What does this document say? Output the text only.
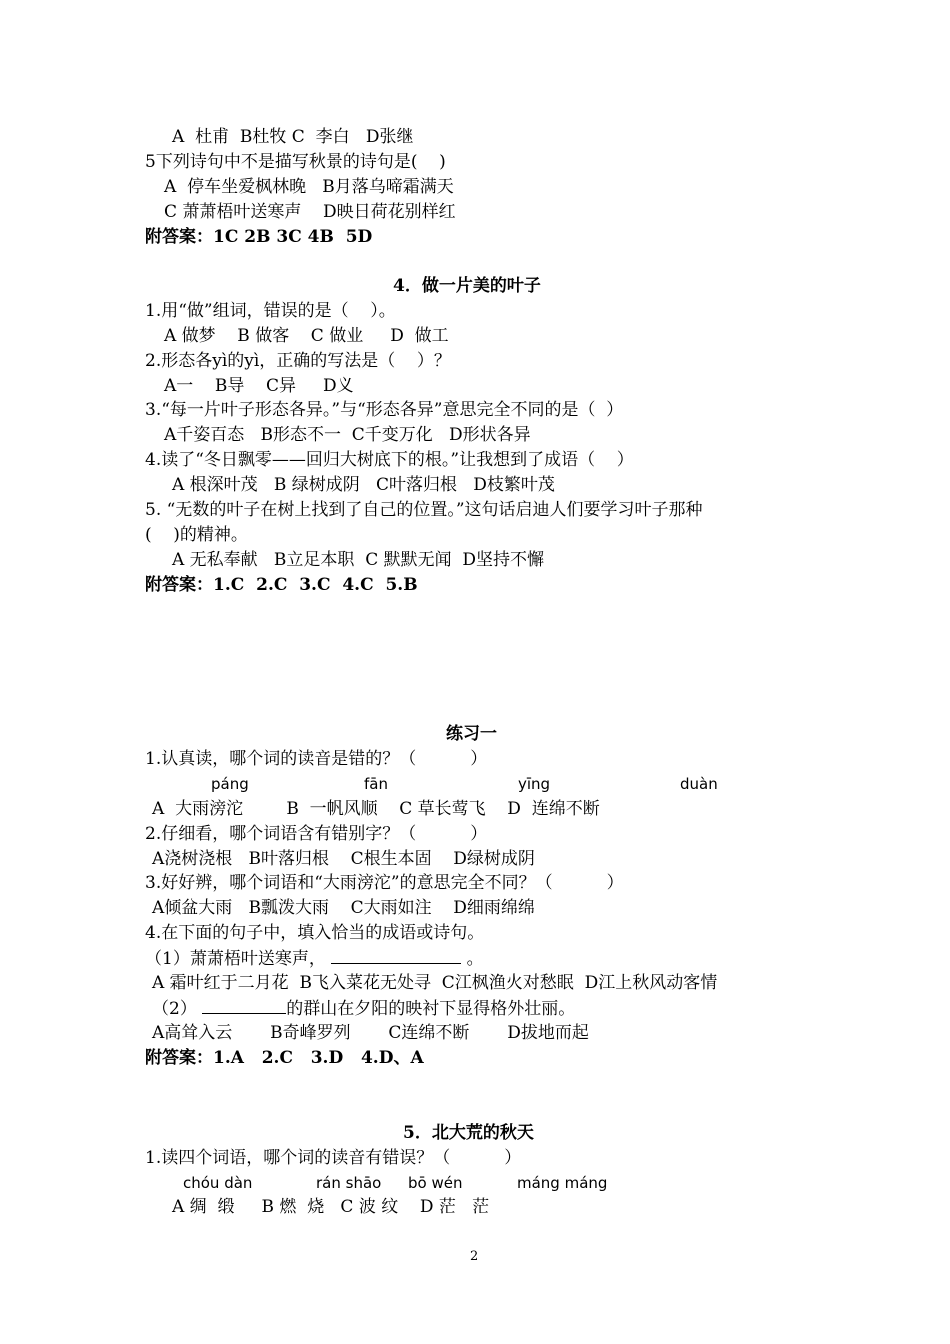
A  杜甫  B杜牧 C  李白   D张继
5下列诗句中不是描写秋景的诗句是(    )
A  停车坐爱枫林晚   B月落乌啼霜满天
C 萧萧梧叶送寒声    D映日荷花别样红
附答案：1C 2B 3C 4B  5D
4．做一片美的叶子
1.用“做”组词，错误的是（    ）。
A 做梦    B 做客    C 做业     D  做工
2.形态各yì的yì，正确的写法是（    ）？
A一    B导    C异     D义
3.“每一片叶子形态各异。”与“形态各异”意思完全不同的是（  ）
A千姿百态   B形态不一  C千变万化   D形状各异
4.读了“冬日飘零——回归大树底下的根。”让我想到了成语（    ）
A 根深叶茂   B 绿树成阴   C叶落归根   D枝繁叶茂
5. “无数的叶子在树上找到了自己的位置。”这句话启迪人们要学习叶子那种
(    )的精神。
A 无私奉献   B立足本职  C 默默无闻  D坚持不懈
附答案：1.C  2.C  3.C  4.C  5.B
练习一
1.认真读，哪个词的读音是错的？（          ）
páng	fān	yīng	duàn
A  大雨滂沱        B  一帆风顺    C 草长莺飞    D  连绵不断
2.仔细看，哪个词语含有错别字？（          ）
A浇树浇根   B叶落归根    C根生本固    D绿树成阴
3.好好辨，哪个词语和“大雨滂沱”的意思完全不同？（          ）
A倾盆大雨   B瓢泼大雨    C大雨如注    D细雨绵绵
4.在下面的句子中，填入恰当的成语或诗句。
（1）萧萧梧叶送寒声，	。
A 霜叶红于二月花  B飞入菜花无处寻  C江枫渔火对愁眠  D江上秋风动客情
（2）	的群山在夕阳的映衬下显得格外壮丽。
A高耸入云       B奇峰罗列       C连绵不断       D拔地而起
附答案：1.A   2.C   3.D   4.D、A
5．北大荒的秋天
1.读四个词语，哪个词的读音有错误？（          ）
chóu dàn	rán shāo bō wén	máng máng
A 绸  缎     B 燃  烧   C 波 纹    D 茫   茫
2
